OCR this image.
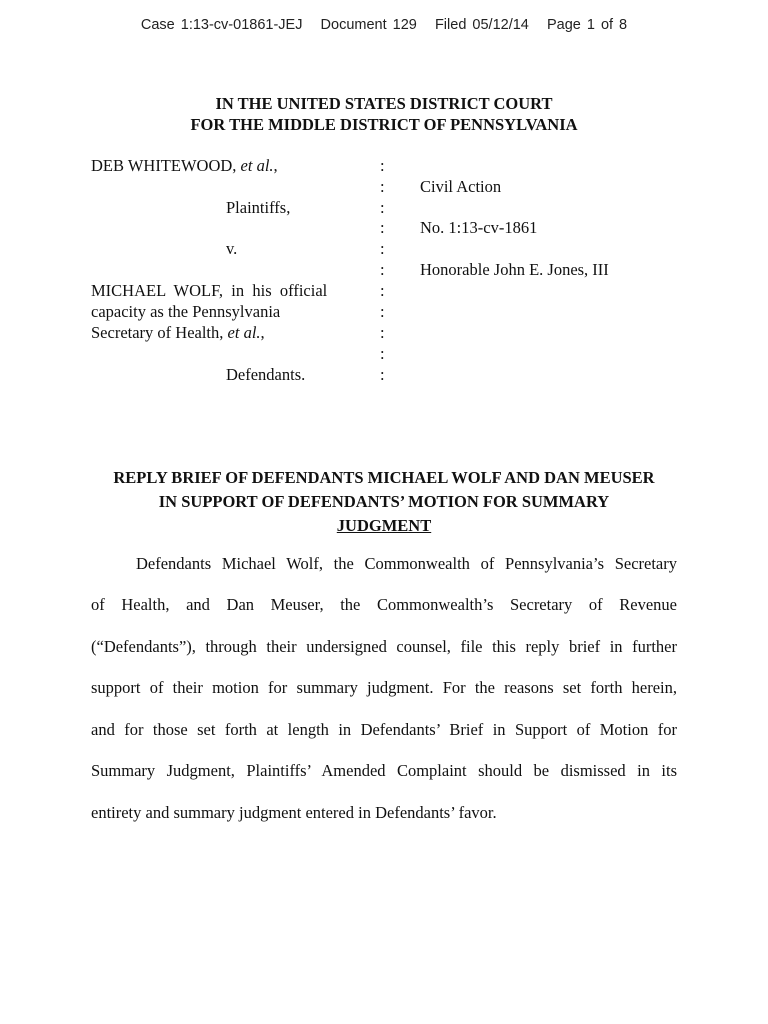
Case 1:13-cv-01861-JEJ Document 129 Filed 05/12/14 Page 1 of 8
IN THE UNITED STATES DISTRICT COURT
FOR THE MIDDLE DISTRICT OF PENNSYLVANIA
DEB WHITEWOOD, et al.,
Plaintiffs,
v.
MICHAEL  WOLF,  in  his  official
capacity as the Pennsylvania
Secretary of Health, et al.,
Defendants.
:
:
:
:
:
:
:
:
:
:
:
Civil Action
No. 1:13-cv-1861
Honorable John E. Jones, III
REPLY BRIEF OF DEFENDANTS MICHAEL WOLF AND DAN MEUSER
IN SUPPORT OF DEFENDANTS’ MOTION FOR SUMMARY
JUDGMENT
Defendants Michael Wolf, the Commonwealth of Pennsylvania’s Secretary
of Health, and Dan Meuser, the Commonwealth’s Secretary of Revenue
(“Defendants”), through their undersigned counsel, file this reply brief in further
support of their motion for summary judgment. For the reasons set forth herein,
and for those set forth at length in Defendants’ Brief in Support of Motion for
Summary Judgment, Plaintiffs’ Amended Complaint should be dismissed in its
entirety and summary judgment entered in Defendants’ favor.
